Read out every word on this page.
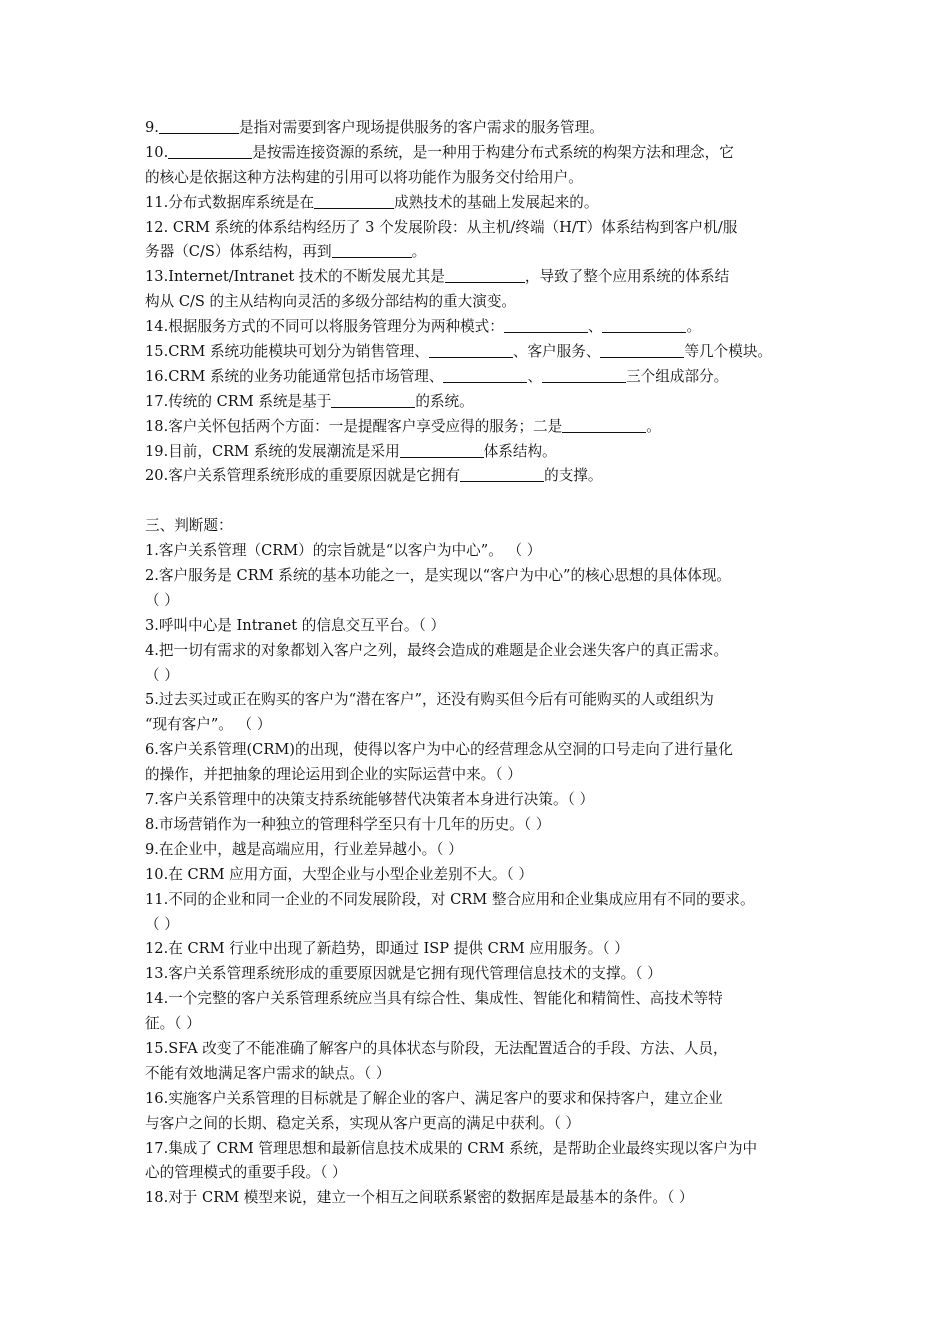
9.	是指对需要到客户现场提供服务的客户需求的服务管理。
10.	是按需连接资源的系统，是一种用于构建分布式系统的构架方法和理念，它
的核心是依据这种方法构建的引用可以将功能作为服务交付给用户。
11.分布式数据库系统是在	成熟技术的基础上发展起来的。
12. CRM 系统的体系结构经历了 3 个发展阶段：从主机/终端（H/T）体系结构到客户机/服
务器（C/S）体系结构，再到	。
13.Internet/Intranet 技术的不断发展尤其是	，导致了整个应用系统的体系结
构从 C/S 的主从结构向灵活的多级分部结构的重大演变。
14.根据服务方式的不同可以将服务管理分为两种模式：	、	。
15.CRM 系统功能模块可划分为销售管理、	、客户服务、	等几个模块。
16.CRM 系统的业务功能通常包括市场管理、	、	三个组成部分。
17.传统的 CRM 系统是基于	的系统。
18.客户关怀包括两个方面：一是提醒客户享受应得的服务；二是	。
19.目前，CRM 系统的发展潮流是采用	体系结构。
20.客户关系管理系统形成的重要原因就是它拥有	的支撑。
三、判断题：
1.客户关系管理（CRM）的宗旨就是“以客户为中心”。 （ ）
2.客户服务是 CRM 系统的基本功能之一，是实现以“客户为中心”的核心思想的具体体现。
（ ）
3.呼叫中心是 Intranet 的信息交互平台。（ ）
4.把一切有需求的对象都划入客户之列，最终会造成的难题是企业会迷失客户的真正需求。
（ ）
5.过去买过或正在购买的客户为“潜在客户”，还没有购买但今后有可能购买的人或组织为
“现有客户”。 （ ）
6.客户关系管理(CRM)的出现，使得以客户为中心的经营理念从空洞的口号走向了进行量化
的操作，并把抽象的理论运用到企业的实际运营中来。（ ）
7.客户关系管理中的决策支持系统能够替代决策者本身进行决策。（ ）
8.市场营销作为一种独立的管理科学至只有十几年的历史。（ ）
9.在企业中，越是高端应用，行业差异越小。（ ）
10.在 CRM 应用方面，大型企业与小型企业差别不大。（ ）
11.不同的企业和同一企业的不同发展阶段，对 CRM 整合应用和企业集成应用有不同的要求。
（ ）
12.在 CRM 行业中出现了新趋势，即通过 ISP 提供 CRM 应用服务。（ ）
13.客户关系管理系统形成的重要原因就是它拥有现代管理信息技术的支撑。（ ）
14.一个完整的客户关系管理系统应当具有综合性、集成性、智能化和精简性、高技术等特
征。（ ）
15.SFA 改变了不能准确了解客户的具体状态与阶段，无法配置适合的手段、方法、人员，
不能有效地满足客户需求的缺点。（ ）
16.实施客户关系管理的目标就是了解企业的客户、满足客户的要求和保持客户，建立企业
与客户之间的长期、稳定关系，实现从客户更高的满足中获利。（ ）
17.集成了 CRM 管理思想和最新信息技术成果的 CRM 系统，是帮助企业最终实现以客户为中
心的管理模式的重要手段。（ ）
18.对于 CRM 模型来说，建立一个相互之间联系紧密的数据库是最基本的条件。（ ）
